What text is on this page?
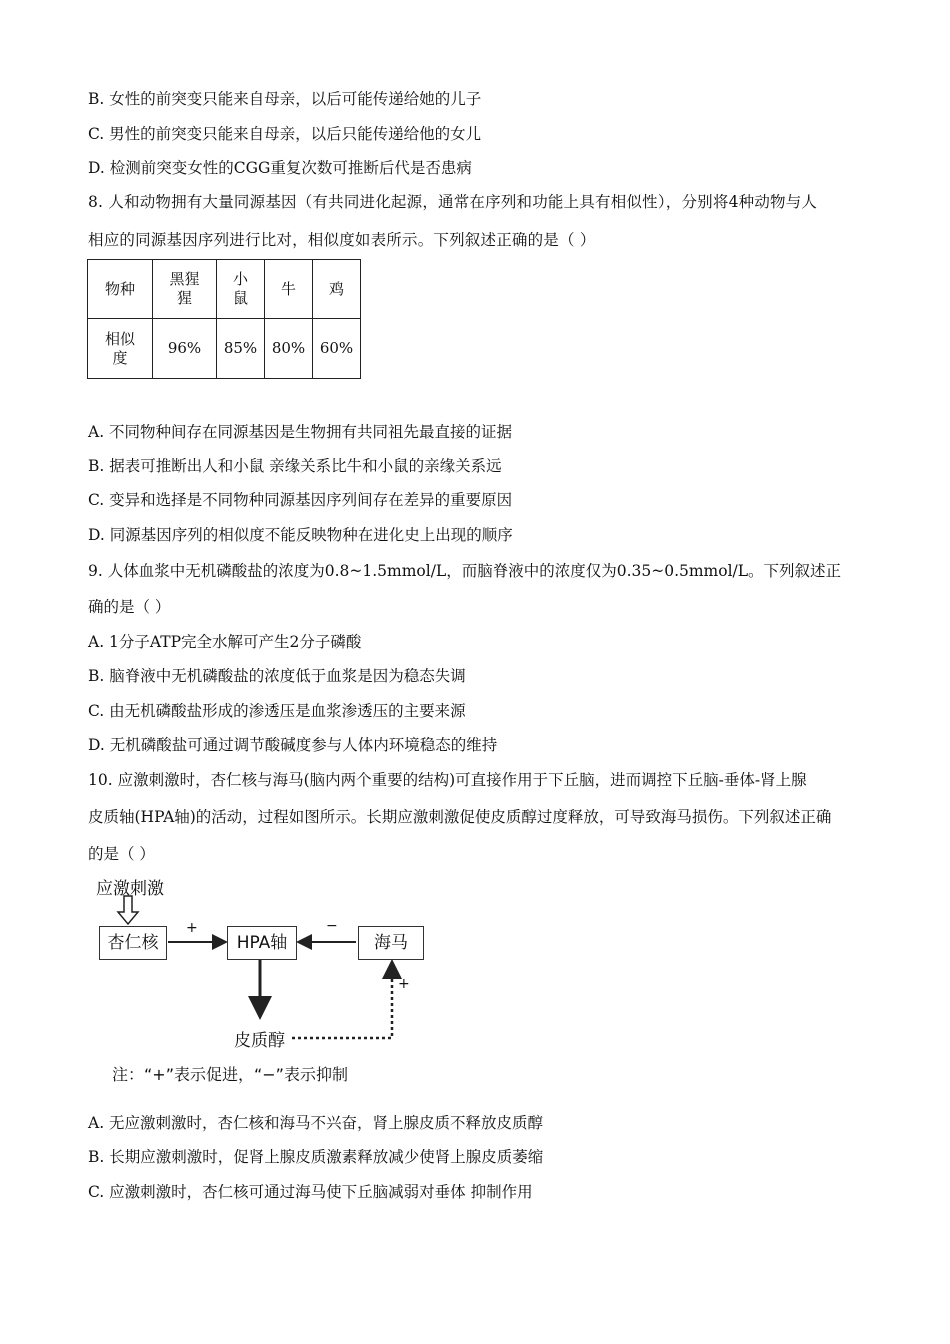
B. 女性的前突变只能来自母亲，以后可能传递给她的儿子
C. 男性的前突变只能来自母亲，以后只能传递给他的女儿
D. 检测前突变女性的CGG重复次数可推断后代是否患病
8. 人和动物拥有大量同源基因（有共同进化起源，通常在序列和功能上具有相似性），分别将4种动物与人
相应的同源基因序列进行比对，相似度如表所示。下列叙述正确的是（ ）
物种	黑猩猩	小鼠	牛	鸡
相似度	96%	85%	80%	60%
A. 不同物种间存在同源基因是生物拥有共同祖先最直接的证据
B. 据表可推断出人和小鼠 亲缘关系比牛和小鼠的亲缘关系远
C. 变异和选择是不同物种同源基因序列间存在差异的重要原因
D. 同源基因序列的相似度不能反映物种在进化史上出现的顺序
9. 人体血浆中无机磷酸盐的浓度为0.8~1.5mmol/L，而脑脊液中的浓度仅为0.35~0.5mmol/L。下列叙述正
确的是（ ）
A. 1分子ATP完全水解可产生2分子磷酸
B. 脑脊液中无机磷酸盐的浓度低于血浆是因为稳态失调
C. 由无机磷酸盐形成的渗透压是血浆渗透压的主要来源
D. 无机磷酸盐可通过调节酸碱度参与人体内环境稳态的维持
10. 应激刺激时，杏仁核与海马(脑内两个重要的结构)可直接作用于下丘脑，进而调控下丘脑-垂体-肾上腺
皮质轴(HPA轴)的活动，过程如图所示。长期应激刺激促使皮质醇过度释放，可导致海马损伤。下列叙述正确
的是（ ）
应激刺激
杏仁核	HPA轴	海马
皮质醇
+	−
+
注：“+”表示促进，“−”表示抑制
A. 无应激刺激时，杏仁核和海马不兴奋，肾上腺皮质不释放皮质醇
B. 长期应激刺激时，促肾上腺皮质激素释放减少使肾上腺皮质萎缩
C. 应激刺激时，杏仁核可通过海马使下丘脑减弱对垂体 抑制作用
